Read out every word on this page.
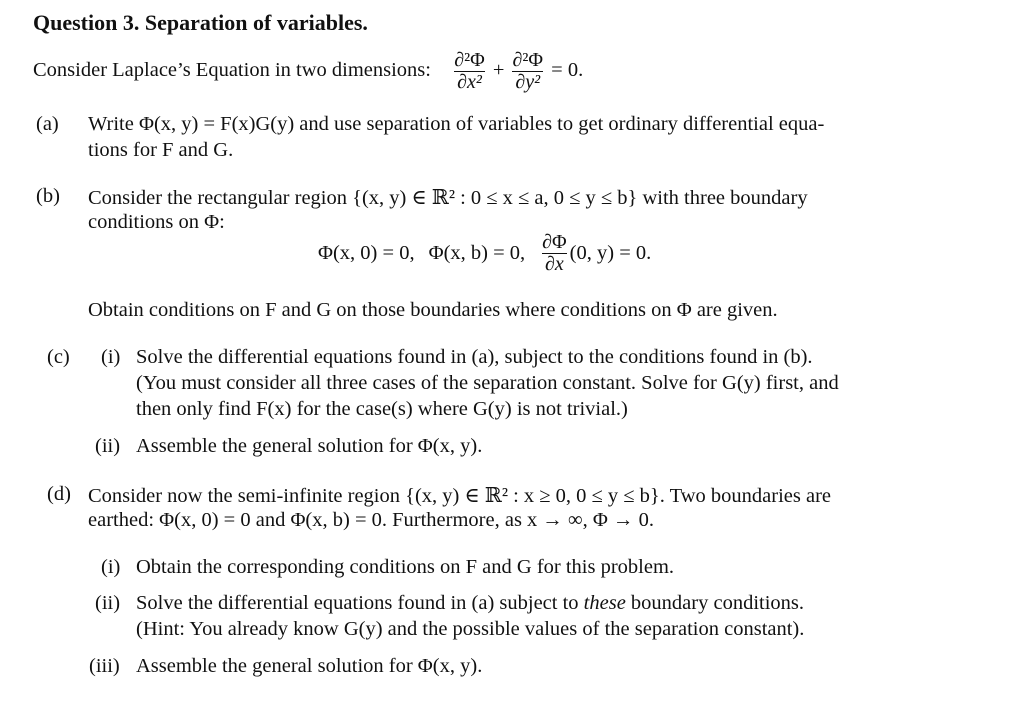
Question 3. Separation of variables.
Consider Laplace’s Equation in two dimensions: $\frac{\text{∂²Φ}}{\text{∂x²}} + \frac{\text{∂²Φ}}{\text{∂y²}} = 0$.
(a) Write Φ(x, y) = F(x)G(y) and use separation of variables to get ordinary differential equa-
tions for F and G.
(b) Consider the rectangular region {(x, y) ∈ ℝ² : 0 ≤ x ≤ a, 0 ≤ y ≤ b} with three boundary
conditions on Φ:
Φ(x, 0) = 0, Φ(x, b) = 0, $\frac{\partial\Phi}{\partial x} (0$, y) = 0.
Obtain conditions on F and G on those boundaries where conditions on Φ are given.
(c) (i) Solve the differential equations found in (a), subject to the conditions found in (b).
(You must consider all three cases of the separation constant. Solve for G(y) first, and
then only find F(x) for the case(s) where G(y) is not trivial.)
(ii) Assemble the general solution for Φ(x, y).
(d) Consider now the semi-infinite region {(x, y) ∈ ℝ² : x ≥ 0, 0 ≤ y ≤ b}. Two boundaries are
earthed: Φ(x, 0) = 0 and Φ(x, b) = 0. Furthermore, as x → ∞, Φ → 0.
(i) Obtain the corresponding conditions on F and G for this problem.
(ii) Solve the differential equations found in (a) subject to these boundary conditions.
(Hint: You already know G(y) and the possible values of the separation constant).
(iii) Assemble the general solution for Φ(x, y).
